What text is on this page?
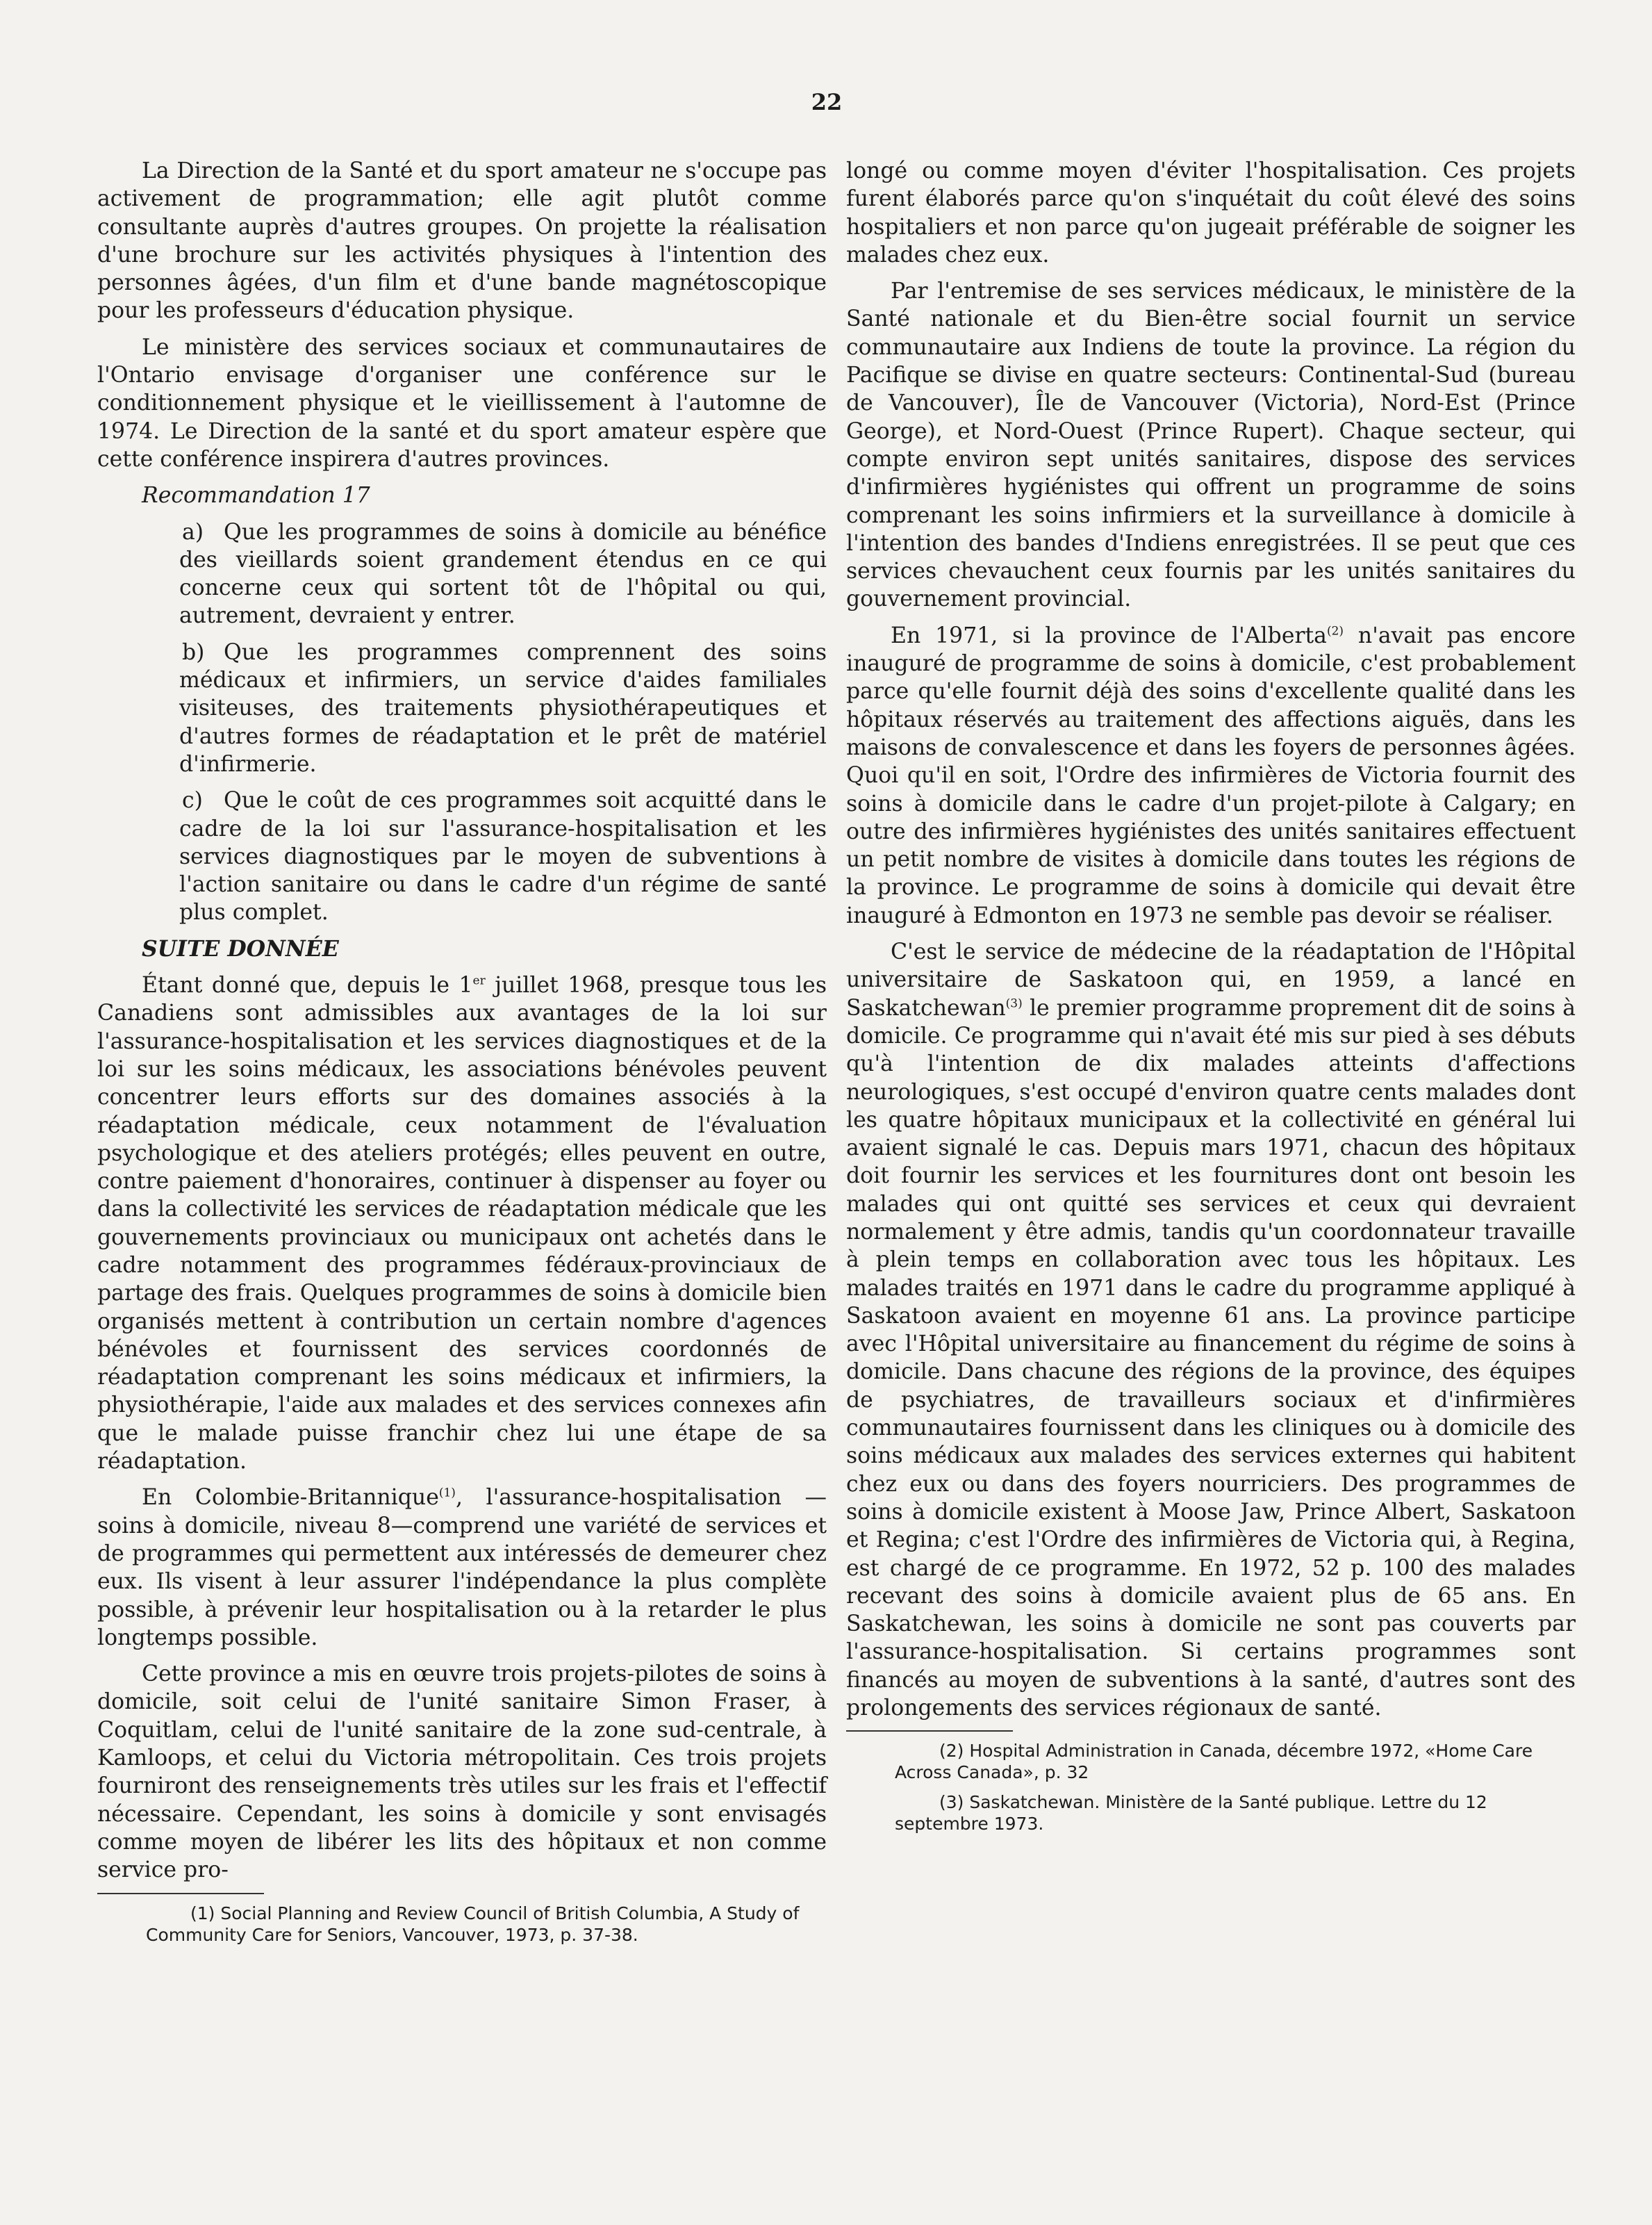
22

La Direction de la Santé et du sport amateur ne s'occupe pas activement de programmation; elle agit plutôt comme consultante auprès d'autres groupes. On projette la réalisation d'une brochure sur les activités physiques à l'intention des personnes âgées, d'un film et d'une bande magnétoscopique pour les professeurs d'éducation physique.

Le ministère des services sociaux et communautaires de l'Ontario envisage d'organiser une conférence sur le conditionnement physique et le vieillissement à l'automne de 1974. Le Direction de la santé et du sport amateur espère que cette conférence inspirera d'autres provinces.

Recommandation 17

a) Que les programmes de soins à domicile au bénéfice des vieillards soient grandement étendus en ce qui concerne ceux qui sortent tôt de l'hôpital ou qui, autrement, devraient y entrer.

b) Que les programmes comprennent des soins médicaux et infirmiers, un service d'aides familiales visiteuses, des traitements physiothérapeutiques et d'autres formes de réadaptation et le prêt de matériel d'infirmerie.

c) Que le coût de ces programmes soit acquitté dans le cadre de la loi sur l'assurance-hospitalisation et les services diagnostiques par le moyen de subventions à l'action sanitaire ou dans le cadre d'un régime de santé plus complet.

SUITE DONNÉE

Étant donné que, depuis le 1er juillet 1968, presque tous les Canadiens sont admissibles aux avantages de la loi sur l'assurance-hospitalisation et les services diagnostiques et de la loi sur les soins médicaux, les associations bénévoles peuvent concentrer leurs efforts sur des domaines associés à la réadaptation médicale, ceux notamment de l'évaluation psychologique et des ateliers protégés; elles peuvent en outre, contre paiement d'honoraires, continuer à dispenser au foyer ou dans la collectivité les services de réadaptation médicale que les gouvernements provinciaux ou municipaux ont achetés dans le cadre notamment des programmes fédéraux-provinciaux de partage des frais. Quelques programmes de soins à domicile bien organisés mettent à contribution un certain nombre d'agences bénévoles et fournissent des services coordonnés de réadaptation comprenant les soins médicaux et infirmiers, la physiothérapie, l'aide aux malades et des services connexes afin que le malade puisse franchir chez lui une étape de sa réadaptation.

En Colombie-Britannique$^{(1)}$, l'assurance-hospitalisation —soins à domicile, niveau 8—comprend une variété de services et de programmes qui permettent aux intéressés de demeurer chez eux. Ils visent à leur assurer l'indépendance la plus complète possible, à prévenir leur hospitalisation ou à la retarder le plus longtemps possible.

Cette province a mis en œuvre trois projets-pilotes de soins à domicile, soit celui de l'unité sanitaire Simon Fraser, à Coquitlam, celui de l'unité sanitaire de la zone sud-centrale, à Kamloops, et celui du Victoria métropolitain. Ces trois projets fourniront des renseignements très utiles sur les frais et l'effectif nécessaire. Cependant, les soins à domicile y sont envisagés comme moyen de libérer les lits des hôpitaux et non comme service pro-

(1) Social Planning and Review Council of British Columbia, A Study of Community Care for Seniors, Vancouver, 1973, p. 37-38.

longé ou comme moyen d'éviter l'hospitalisation. Ces projets furent élaborés parce qu'on s'inquétait du coût élevé des soins hospitaliers et non parce qu'on jugeait préférable de soigner les malades chez eux.

Par l'entremise de ses services médicaux, le ministère de la Santé nationale et du Bien-être social fournit un service communautaire aux Indiens de toute la province. La région du Pacifique se divise en quatre secteurs: Continental-Sud (bureau de Vancouver), Île de Vancouver (Victoria), Nord-Est (Prince George), et Nord-Ouest (Prince Rupert). Chaque secteur, qui compte environ sept unités sanitaires, dispose des services d'infirmières hygiénistes qui offrent un programme de soins comprenant les soins infirmiers et la surveillance à domicile à l'intention des bandes d'Indiens enregistrées. Il se peut que ces services chevauchent ceux fournis par les unités sanitaires du gouvernement provincial.

En 1971, si la province de l'Alberta$^{(2)}$ n'avait pas encore inauguré de programme de soins à domicile, c'est probablement parce qu'elle fournit déjà des soins d'excellente qualité dans les hôpitaux réservés au traitement des affections aiguës, dans les maisons de convalescence et dans les foyers de personnes âgées. Quoi qu'il en soit, l'Ordre des infirmières de Victoria fournit des soins à domicile dans le cadre d'un projet-pilote à Calgary; en outre des infirmières hygiénistes des unités sanitaires effectuent un petit nombre de visites à domicile dans toutes les régions de la province. Le programme de soins à domicile qui devait être inauguré à Edmonton en 1973 ne semble pas devoir se réaliser.

C'est le service de médecine de la réadaptation de l'Hôpital universitaire de Saskatoon qui, en 1959, a lancé en Saskatchewan$^{(3)}$ le premier programme proprement dit de soins à domicile. Ce programme qui n'avait été mis sur pied à ses débuts qu'à l'intention de dix malades atteints d'affections neurologiques, s'est occupé d'environ quatre cents malades dont les quatre hôpitaux municipaux et la collectivité en général lui avaient signalé le cas. Depuis mars 1971, chacun des hôpitaux doit fournir les services et les fournitures dont ont besoin les malades qui ont quitté ses services et ceux qui devraient normalement y être admis, tandis qu'un coordonnateur travaille à plein temps en collaboration avec tous les hôpitaux. Les malades traités en 1971 dans le cadre du programme appliqué à Saskatoon avaient en moyenne 61 ans. La province participe avec l'Hôpital universitaire au financement du régime de soins à domicile. Dans chacune des régions de la province, des équipes de psychiatres, de travailleurs sociaux et d'infirmières communautaires fournissent dans les cliniques ou à domicile des soins médicaux aux malades des services externes qui habitent chez eux ou dans des foyers nourriciers. Des programmes de soins à domicile existent à Moose Jaw, Prince Albert, Saskatoon et Regina; c'est l'Ordre des infirmières de Victoria qui, à Regina, est chargé de ce programme. En 1972, 52 p. 100 des malades recevant des soins à domicile avaient plus de 65 ans. En Saskatchewan, les soins à domicile ne sont pas couverts par l'assurance-hospitalisation. Si certains programmes sont financés au moyen de subventions à la santé, d'autres sont des prolongements des services régionaux de santé.

(2) Hospital Administration in Canada, décembre 1972, «Home Care Across Canada», p. 32

(3) Saskatchewan. Ministère de la Santé publique. Lettre du 12 septembre 1973.
